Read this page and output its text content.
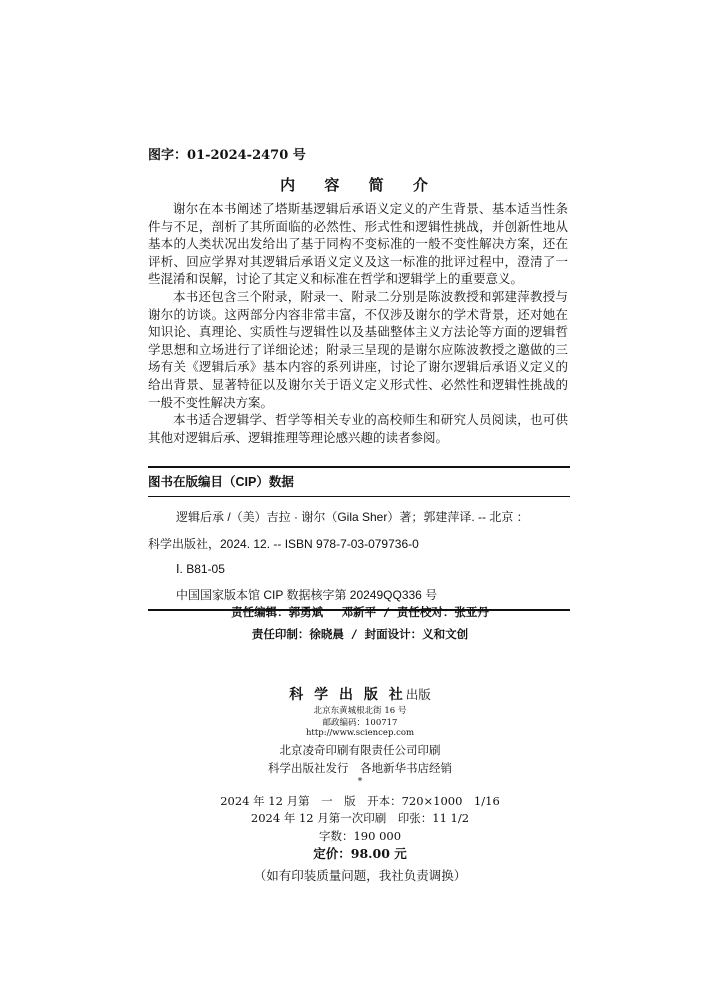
图字：01-2024-2470 号
内 容 简 介

谢尔在本书阐述了塔斯基逻辑后承语义定义的产生背景、基本适当性条件与不足，剖析了其所面临的必然性、形式性和逻辑性挑战，并创新性地从基本的人类状况出发给出了基于同构不变标准的一般不变性解决方案，还在评析、回应学界对其逻辑后承语义定义及这一标准的批评过程中，澄清了一些混淆和误解，讨论了其定义和标准在哲学和逻辑学上的重要意义。

本书还包含三个附录，附录一、附录二分别是陈波教授和郭建萍教授与谢尔的访谈。这两部分内容非常丰富，不仅涉及谢尔的学术背景，还对她在知识论、真理论、实质性与逻辑性以及基础整体主义方法论等方面的逻辑哲学思想和立场进行了详细论述；附录三呈现的是谢尔应陈波教授之邀做的三场有关《逻辑后承》基本内容的系列讲座，讨论了谢尔逻辑后承语义定义的给出背景、显著特征以及谢尔关于语义定义形式性、必然性和逻辑性挑战的一般不变性解决方案。

本书适合逻辑学、哲学等相关专业的高校师生和研究人员阅读，也可供其他对逻辑后承、逻辑推理等理论感兴趣的读者参阅。

图书在版编目（CIP）数据
逻辑后承 /（美）吉拉 · 谢尔（Gila Sher）著；郭建萍译. -- 北京 ：
科学出版社，2024. 12. -- ISBN 978-7-03-079736-0
Ⅰ. B81-05
中国国家版本馆 CIP 数据核字第 20249QQ336 号
责任编辑：郭勇斌　 邓新平 / 责任校对：张亚丹
责任印制：徐晓晨 / 封面设计：义和文创
科 学 出 版 社出版
北京东黄城根北街 16 号
邮政编码：100717
http://www.sciencep.com
北京凌奇印刷有限责任公司印刷
科学出版社发行　各地新华书店经销
*
2024 年 12 月第　一　版　开本：720×1000　1/16
2024 年 12 月第一次印刷　印张：11 1/2
字数：190 000
定价：98.00 元
（如有印装质量问题，我社负责调换）
